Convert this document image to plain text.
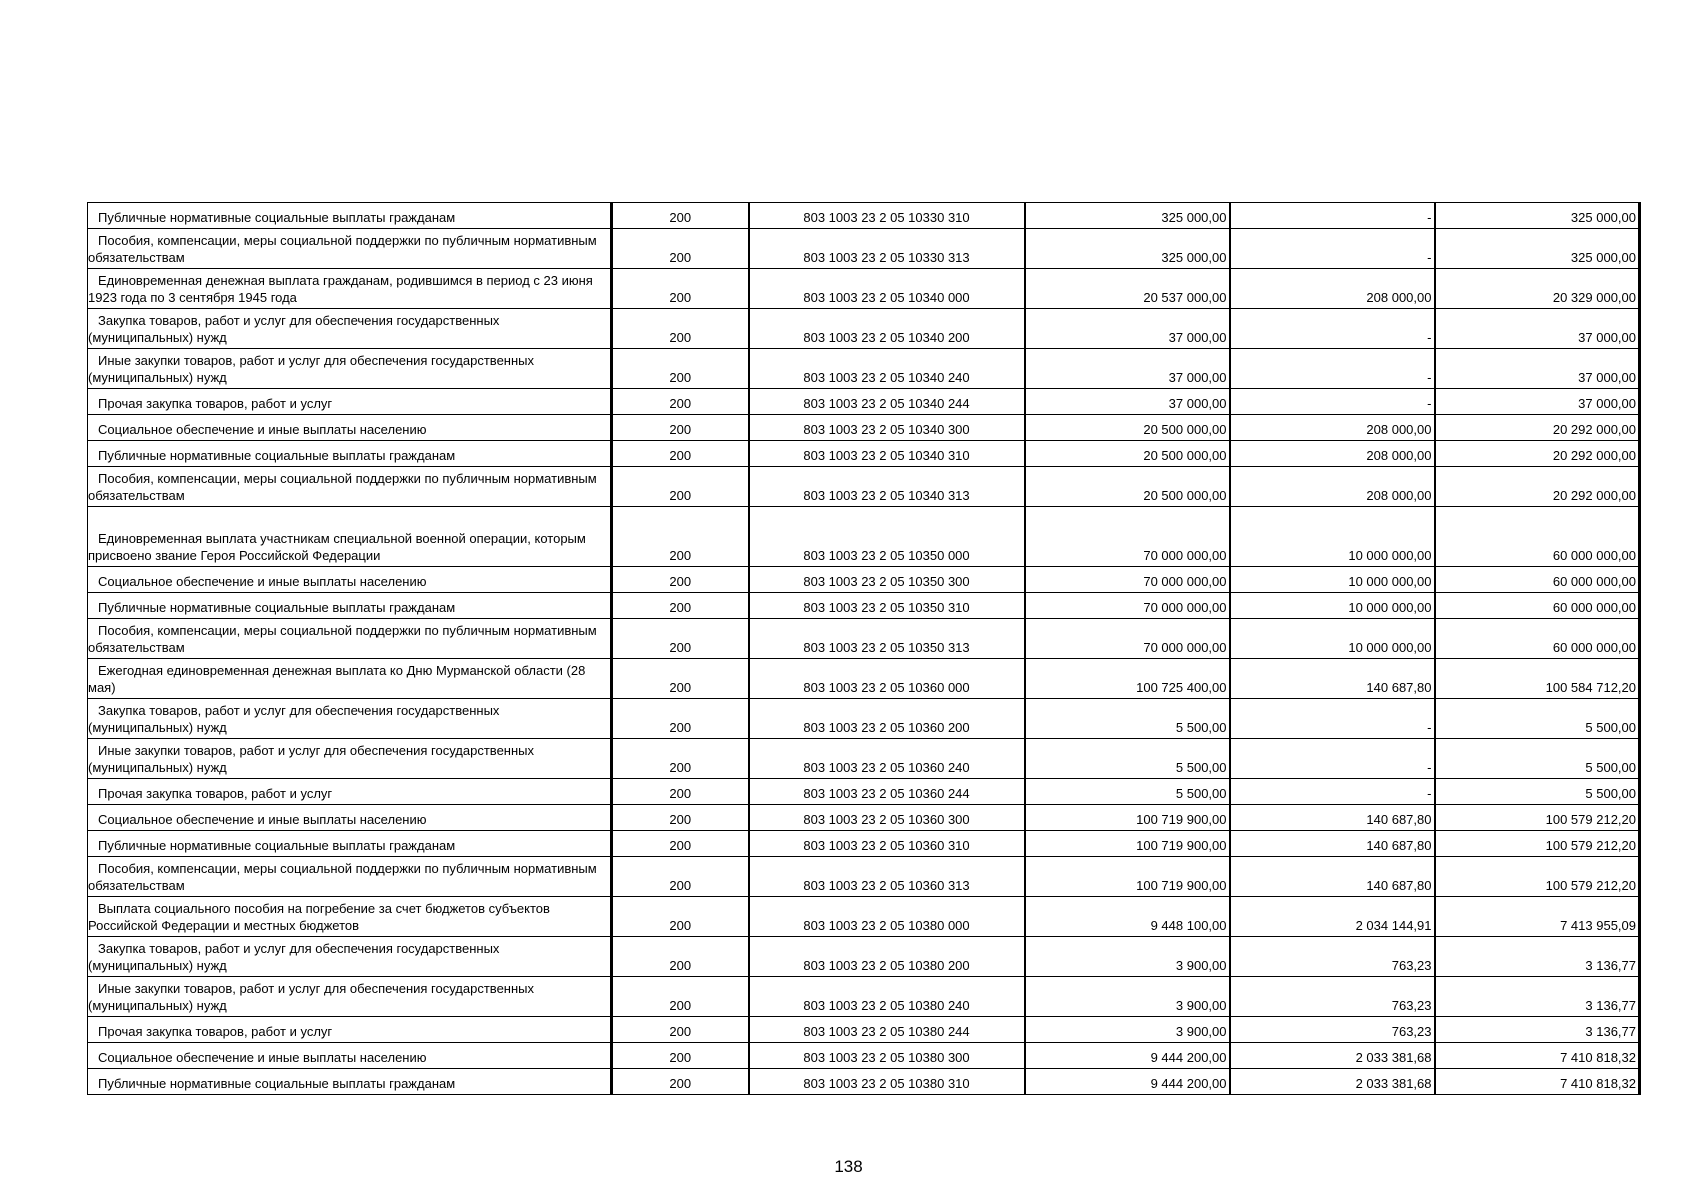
Публичные нормативные социальные выплаты гражданам	200	803 1003 23 2 05 10330 310	325 000,00	-	325 000,00
Пособия, компенсации, меры социальной поддержки по публичным нормативным обязательствам	200	803 1003 23 2 05 10330 313	325 000,00	-	325 000,00
Единовременная денежная выплата гражданам, родившимся в период с 23 июня 1923 года по 3 сентября 1945 года	200	803 1003 23 2 05 10340 000	20 537 000,00	208 000,00	20 329 000,00
Закупка товаров, работ и услуг для обеспечения государственных (муниципальных) нужд	200	803 1003 23 2 05 10340 200	37 000,00	-	37 000,00
Иные закупки товаров, работ и услуг для обеспечения государственных (муниципальных) нужд	200	803 1003 23 2 05 10340 240	37 000,00	-	37 000,00
Прочая закупка товаров, работ и услуг	200	803 1003 23 2 05 10340 244	37 000,00	-	37 000,00
Социальное обеспечение и иные выплаты населению	200	803 1003 23 2 05 10340 300	20 500 000,00	208 000,00	20 292 000,00
Публичные нормативные социальные выплаты гражданам	200	803 1003 23 2 05 10340 310	20 500 000,00	208 000,00	20 292 000,00
Пособия, компенсации, меры социальной поддержки по публичным нормативным обязательствам	200	803 1003 23 2 05 10340 313	20 500 000,00	208 000,00	20 292 000,00
Единовременная выплата участникам специальной военной операции, которым присвоено звание Героя Российской Федерации	200	803 1003 23 2 05 10350 000	70 000 000,00	10 000 000,00	60 000 000,00
Социальное обеспечение и иные выплаты населению	200	803 1003 23 2 05 10350 300	70 000 000,00	10 000 000,00	60 000 000,00
Публичные нормативные социальные выплаты гражданам	200	803 1003 23 2 05 10350 310	70 000 000,00	10 000 000,00	60 000 000,00
Пособия, компенсации, меры социальной поддержки по публичным нормативным обязательствам	200	803 1003 23 2 05 10350 313	70 000 000,00	10 000 000,00	60 000 000,00
Ежегодная единовременная денежная выплата ко Дню Мурманской области (28 мая)	200	803 1003 23 2 05 10360 000	100 725 400,00	140 687,80	100 584 712,20
Закупка товаров, работ и услуг для обеспечения государственных (муниципальных) нужд	200	803 1003 23 2 05 10360 200	5 500,00	-	5 500,00
Иные закупки товаров, работ и услуг для обеспечения государственных (муниципальных) нужд	200	803 1003 23 2 05 10360 240	5 500,00	-	5 500,00
Прочая закупка товаров, работ и услуг	200	803 1003 23 2 05 10360 244	5 500,00	-	5 500,00
Социальное обеспечение и иные выплаты населению	200	803 1003 23 2 05 10360 300	100 719 900,00	140 687,80	100 579 212,20
Публичные нормативные социальные выплаты гражданам	200	803 1003 23 2 05 10360 310	100 719 900,00	140 687,80	100 579 212,20
Пособия, компенсации, меры социальной поддержки по публичным нормативным обязательствам	200	803 1003 23 2 05 10360 313	100 719 900,00	140 687,80	100 579 212,20
Выплата социального пособия на погребение за счет бюджетов субъектов Российской Федерации и местных бюджетов	200	803 1003 23 2 05 10380 000	9 448 100,00	2 034 144,91	7 413 955,09
Закупка товаров, работ и услуг для обеспечения государственных (муниципальных) нужд	200	803 1003 23 2 05 10380 200	3 900,00	763,23	3 136,77
Иные закупки товаров, работ и услуг для обеспечения государственных (муниципальных) нужд	200	803 1003 23 2 05 10380 240	3 900,00	763,23	3 136,77
Прочая закупка товаров, работ и услуг	200	803 1003 23 2 05 10380 244	3 900,00	763,23	3 136,77
Социальное обеспечение и иные выплаты населению	200	803 1003 23 2 05 10380 300	9 444 200,00	2 033 381,68	7 410 818,32
Публичные нормативные социальные выплаты гражданам	200	803 1003 23 2 05 10380 310	9 444 200,00	2 033 381,68	7 410 818,32
138
